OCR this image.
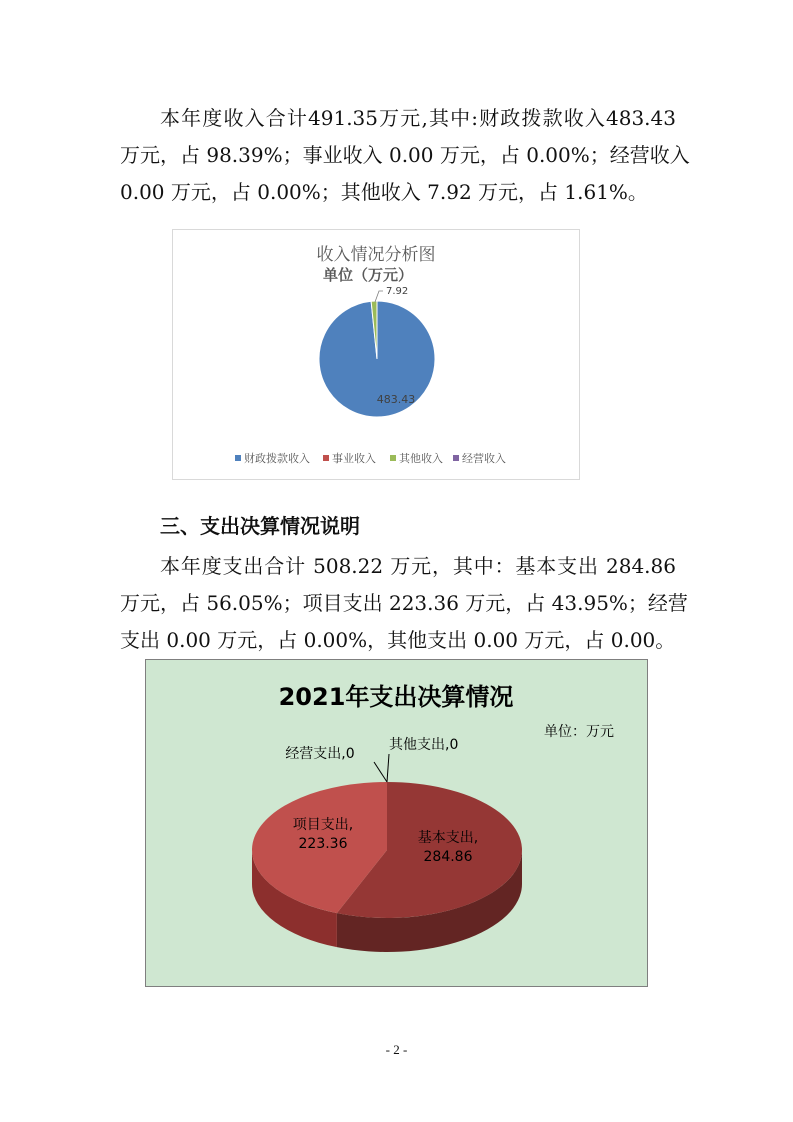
本年度收入合计491.35万元,其中:财政拨款收入483.43
万元，占 98.39%；事业收入 0.00 万元，占 0.00%；经营收入
0.00 万元，占 0.00%；其他收入 7.92 万元，占 1.61%。
收入情况分析图
单位（万元）
483.43
7.92
财政拨款收入 事业收入 其他收入 经营收入
三、支出决算情况说明
本年度支出合计 508.22 万元，其中：基本支出 284.86
万元，占 56.05%；项目支出 223.36 万元，占 43.95%；经营
支出 0.00 万元，占 0.00%，其他支出 0.00 万元，占 0.00。
2021年支出决算情况
单位：万元
基本支出, 284.86
项目支出, 223.36
经营支出,0
其他支出,0
- 2 -
